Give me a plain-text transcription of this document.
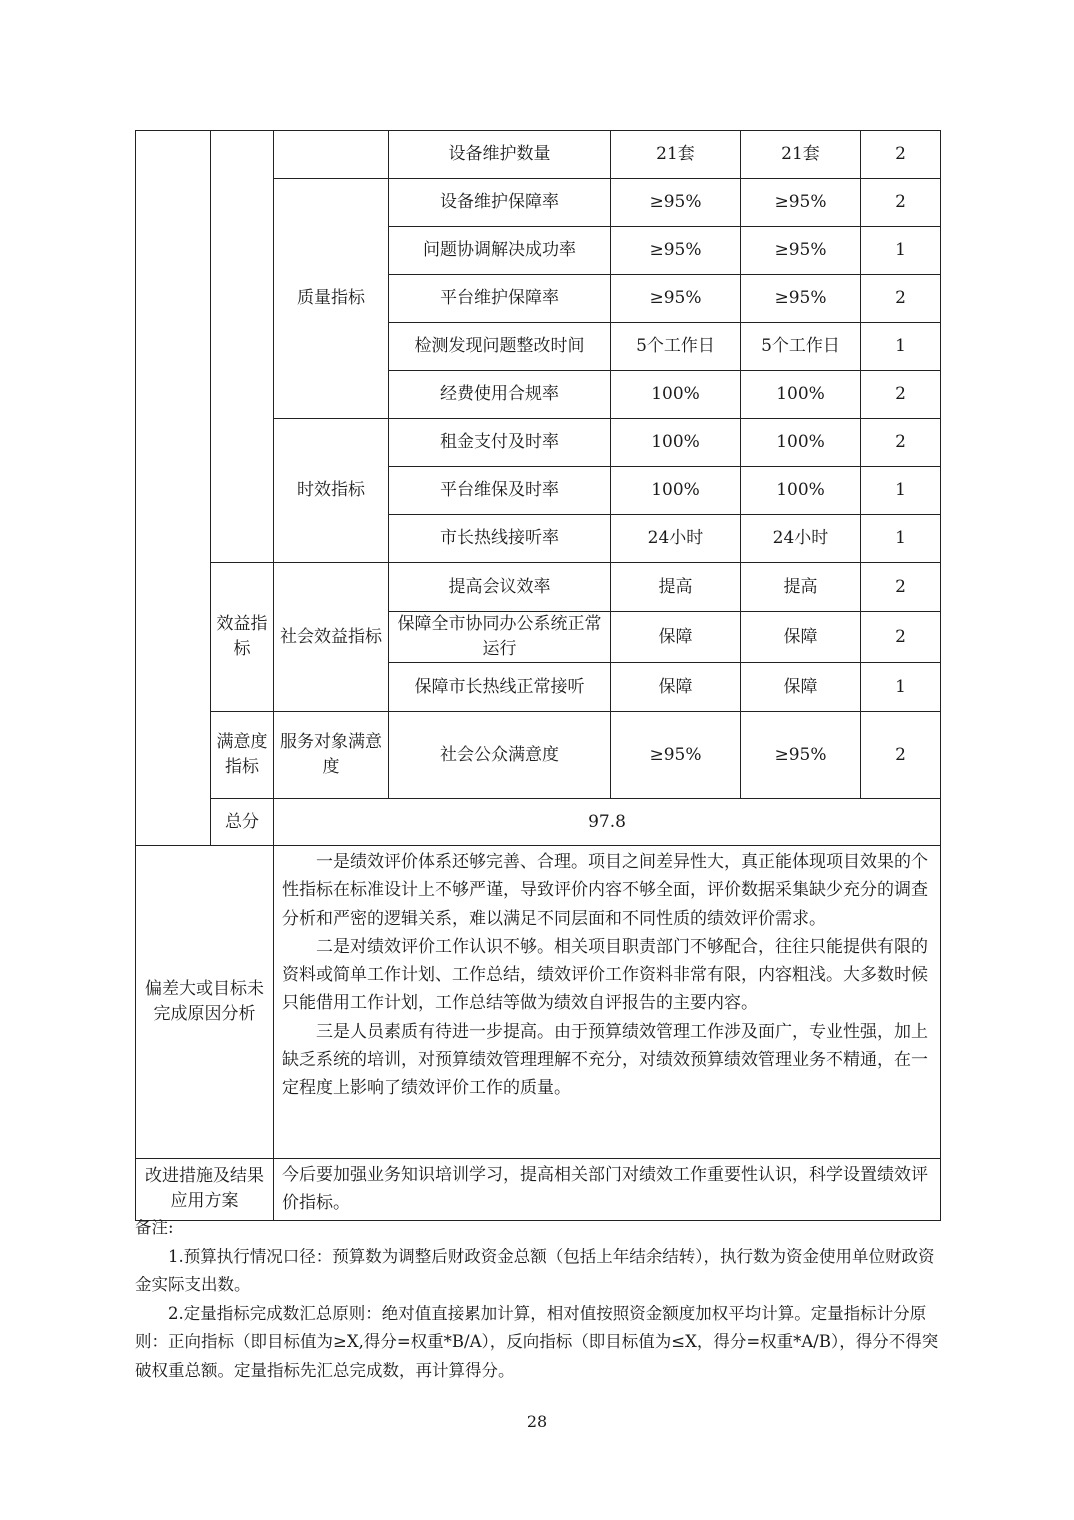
			设备维护数量	21套	21套	2
		质量指标	设备维护保障率	≥95%	≥95%	2
			问题协调解决成功率	≥95%	≥95%	1
			平台维护保障率	≥95%	≥95%	2
			检测发现问题整改时间	5个工作日	5个工作日	1
			经费使用合规率	100%	100%	2
		时效指标	租金支付及时率	100%	100%	2
			平台维保及时率	100%	100%	1
			市长热线接听率	24小时	24小时	1
	效益指标	社会效益指标	提高会议效率	提高	提高	2
			保障全市协同办公系统正常运行	保障	保障	2
			保障市长热线正常接听	保障	保障	1
	满意度指标	服务对象满意度	社会公众满意度	≥95%	≥95%	2
	总分	97.8				
偏差大或目标未完成原因分析		一是绩效评价体系还够完善、合理。项目之间差异性大，真正能体现项目效果的个性指标在标准设计上不够严谨，导致评价内容不够全面，评价数据采集缺少充分的调查分析和严密的逻辑关系，难以满足不同层面和不同性质的绩效评价需求。

二是对绩效评价工作认识不够。相关项目职责部门不够配合，往往只能提供有限的资料或简单工作计划、工作总结，绩效评价工作资料非常有限，内容粗浅。大多数时候只能借用工作计划，工作总结等做为绩效自评报告的主要内容。

三是人员素质有待进一步提高。由于预算绩效管理工作涉及面广，专业性强，加上缺乏系统的培训，对预算绩效管理理解不充分，对绩效预算绩效管理业务不精通，在一定程度上影响了绩效评价工作的质量。				

改进措施及结果应用方案		今后要加强业务知识培训学习，提高相关部门对绩效工作重要性认识，科学设置绩效评价指标。				

备注:

1.预算执行情况口径：预算数为调整后财政资金总额（包括上年结余结转），执行数为资金使用单位财政资金实际支出数。

2.定量指标完成数汇总原则：绝对值直接累加计算，相对值按照资金额度加权平均计算。定量指标计分原则：正向指标（即目标值为≥X,得分=权重*B/A），反向指标（即目标值为≤X，得分=权重*A/B），得分不得突破权重总额。定量指标先汇总完成数，再计算得分。

28
